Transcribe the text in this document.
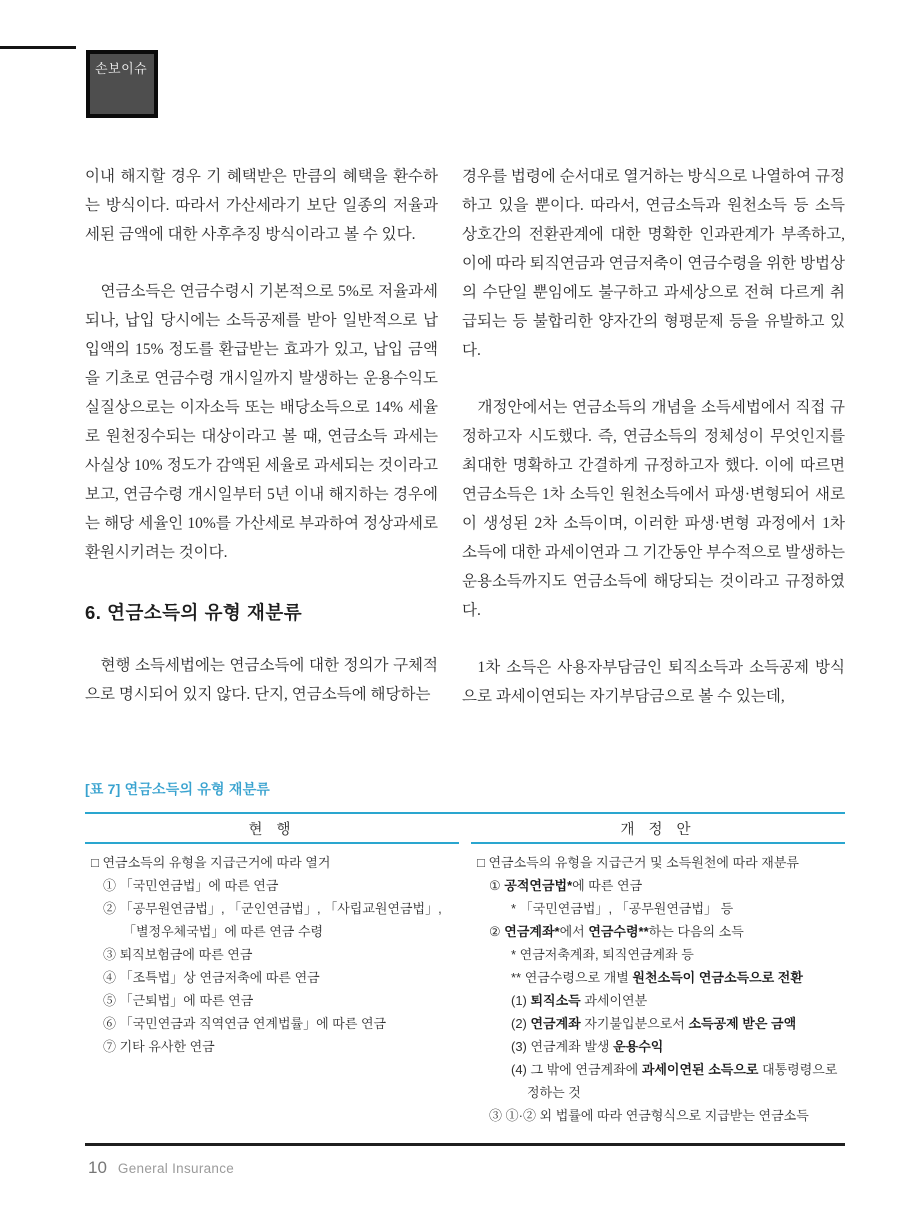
손보이슈

이내 해지할 경우 기 혜택받은 만큼의 혜택을 환수하는 방식이다. 따라서 가산세라기 보단 일종의 저율과세된 금액에 대한 사후추징 방식이라고 볼 수 있다.

연금소득은 연금수령시 기본적으로 5%로 저율과세되나, 납입 당시에는 소득공제를 받아 일반적으로 납입액의 15% 정도를 환급받는 효과가 있고, 납입 금액을 기초로 연금수령 개시일까지 발생하는 운용수익도 실질상으로는 이자소득 또는 배당소득으로 14% 세율로 원천징수되는 대상이라고 볼 때, 연금소득 과세는 사실상 10% 정도가 감액된 세율로 과세되는 것이라고 보고, 연금수령 개시일부터 5년 이내 해지하는 경우에는 해당 세율인 10%를 가산세로 부과하여 정상과세로 환원시키려는 것이다.

6. 연금소득의 유형 재분류

현행 소득세법에는 연금소득에 대한 정의가 구체적으로 명시되어 있지 않다. 단지, 연금소득에 해당하는

경우를 법령에 순서대로 열거하는 방식으로 나열하여 규정하고 있을 뿐이다. 따라서, 연금소득과 원천소득 등 소득 상호간의 전환관계에 대한 명확한 인과관계가 부족하고, 이에 따라 퇴직연금과 연금저축이 연금수령을 위한 방법상의 수단일 뿐임에도 불구하고 과세상으로 전혀 다르게 취급되는 등 불합리한 양자간의 형평문제 등을 유발하고 있다.

개정안에서는 연금소득의 개념을 소득세법에서 직접 규정하고자 시도했다. 즉, 연금소득의 정체성이 무엇인지를 최대한 명확하고 간결하게 규정하고자 했다. 이에 따르면 연금소득은 1차 소득인 원천소득에서 파생·변형되어 새로이 생성된 2차 소득이며, 이러한 파생·변형 과정에서 1차 소득에 대한 과세이연과 그 기간동안 부수적으로 발생하는 운용소득까지도 연금소득에 해당되는 것이라고 규정하였다.

1차 소득은 사용자부담금인 퇴직소득과 소득공제 방식으로 과세이연되는 자기부담금으로 볼 수 있는데,

[표 7] 연금소득의 유형 재분류
현 행	개 정 안
□ 연금소득의 유형을 지급근거에 따라 열거
① 「국민연금법」에 따른 연금
② 「공무원연금법」, 「군인연금법」, 「사립교원연금법」, 「별정우체국법」에 따른 연금 수령
③ 퇴직보험금에 따른 연금
④ 「조특법」상 연금저축에 따른 연금
⑤ 「근퇴법」에 따른 연금
⑥ 「국민연금과 직역연금 연계법률」에 따른 연금
⑦ 기타 유사한 연금
□ 연금소득의 유형을 지급근거 및 소득원천에 따라 재분류
① 공적연금법*에 따른 연금
* 「국민연금법」, 「공무원연금법」 등
② 연금계좌*에서 연금수령**하는 다음의 소득
* 연금저축계좌, 퇴직연금계좌 등
** 연금수령으로 개별 원천소득이 연금소득으로 전환
(1) 퇴직소득 과세이연분
(2) 연금계좌 자기불입분으로서 소득공제 받은 금액
(3) 연금계좌 발생 운용수익
(4) 그 밖에 연금계좌에 과세이연된 소득으로 대통령령으로 정하는 것
③ ①·② 외 법률에 따라 연금형식으로 지급받는 연금소득
10 General Insurance
